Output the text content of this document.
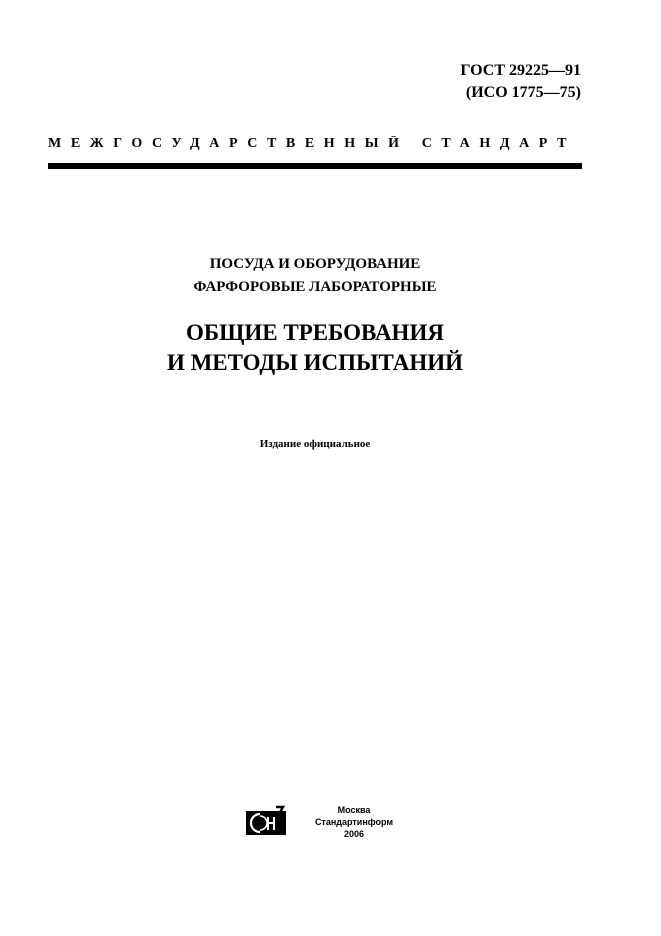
ГОСТ 29225—91
(ИСО 1775—75)
МЕЖГОСУДАРСТВЕННЫЙ СТАНДАРТ
ПОСУДА И ОБОРУДОВАНИЕ
ФАРФОРОВЫЕ ЛАБОРАТОРНЫЕ
ОБЩИЕ ТРЕБОВАНИЯ
И МЕТОДЫ ИСПЫТАНИЙ
Издание официальное
Москва
Стандартинформ
2006
